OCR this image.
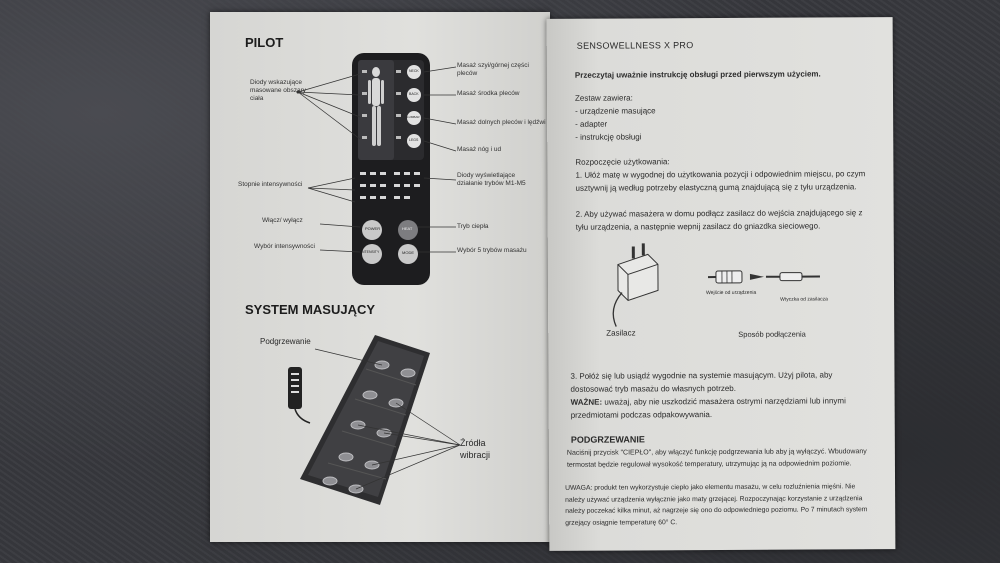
PILOT
POWER	HEAT
INTENSITY	MODE
NECK
BACK
LUMBAR
LEGS
Diody wskazujące masowane obszary ciała
Stopnie intensywności
Włącz/ wyłącz
Wybór intensywności
Masaż szyi/górnej części pleców
Masaż środka pleców
Masaż dolnych pleców i lędźwi
Masaż nóg i ud
Diody wyświetlające działanie trybów M1-M5
Tryb ciepła
Wybór 5 trybów masażu
SYSTEM MASUJĄCY
Podgrzewanie
Źródła wibracji
SENSOWELLNESS X PRO
Przeczytaj uważnie instrukcję obsługi przed pierwszym użyciem.
Zestaw zawiera:
- urządzenie masujące
- adapter
- instrukcję obsługi
Rozpoczęcie użytkowania:
1. Ułóż matę w wygodnej do użytkowania pozycji i odpowiednim miejscu, po czym usztywnij ją według potrzeby elastyczną gumą znajdującą się z tyłu urządzenia.
2. Aby używać masażera w domu podłącz zasilacz do wejścia znajdującego się z tyłu urządzenia, a następnie wepnij zasilacz do gniazdka sieciowego.
Zasilacz
Wejście od urządzenia
Wtyczka od zasilacza
Sposób podłączenia
3. Połóż się lub usiądź wygodnie na systemie masującym. Użyj pilota, aby dostosować tryb masażu do własnych potrzeb.
WAŻNE: uważaj, aby nie uszkodzić masażera ostrymi narzędziami lub innymi przedmiotami podczas odpakowywania.
PODGRZEWANIE
Naciśnij przycisk "CIEPŁO", aby włączyć funkcję podgrzewania lub aby ją wyłączyć. Wbudowany termostat będzie regulował wysokość temperatury, utrzymując ją na odpowiednim poziomie.
UWAGA: produkt ten wykorzystuje ciepło jako elementu masażu, w celu rozluźnienia mięśni. Nie należy używać urządzenia wyłącznie jako maty grzejącej. Rozpoczynając korzystanie z urządzenia należy poczekać kilka minut, aż nagrzeje się ono do odpowiedniego poziomu. Po 7 minutach system grzejący osiągnie temperaturę 60° C.
